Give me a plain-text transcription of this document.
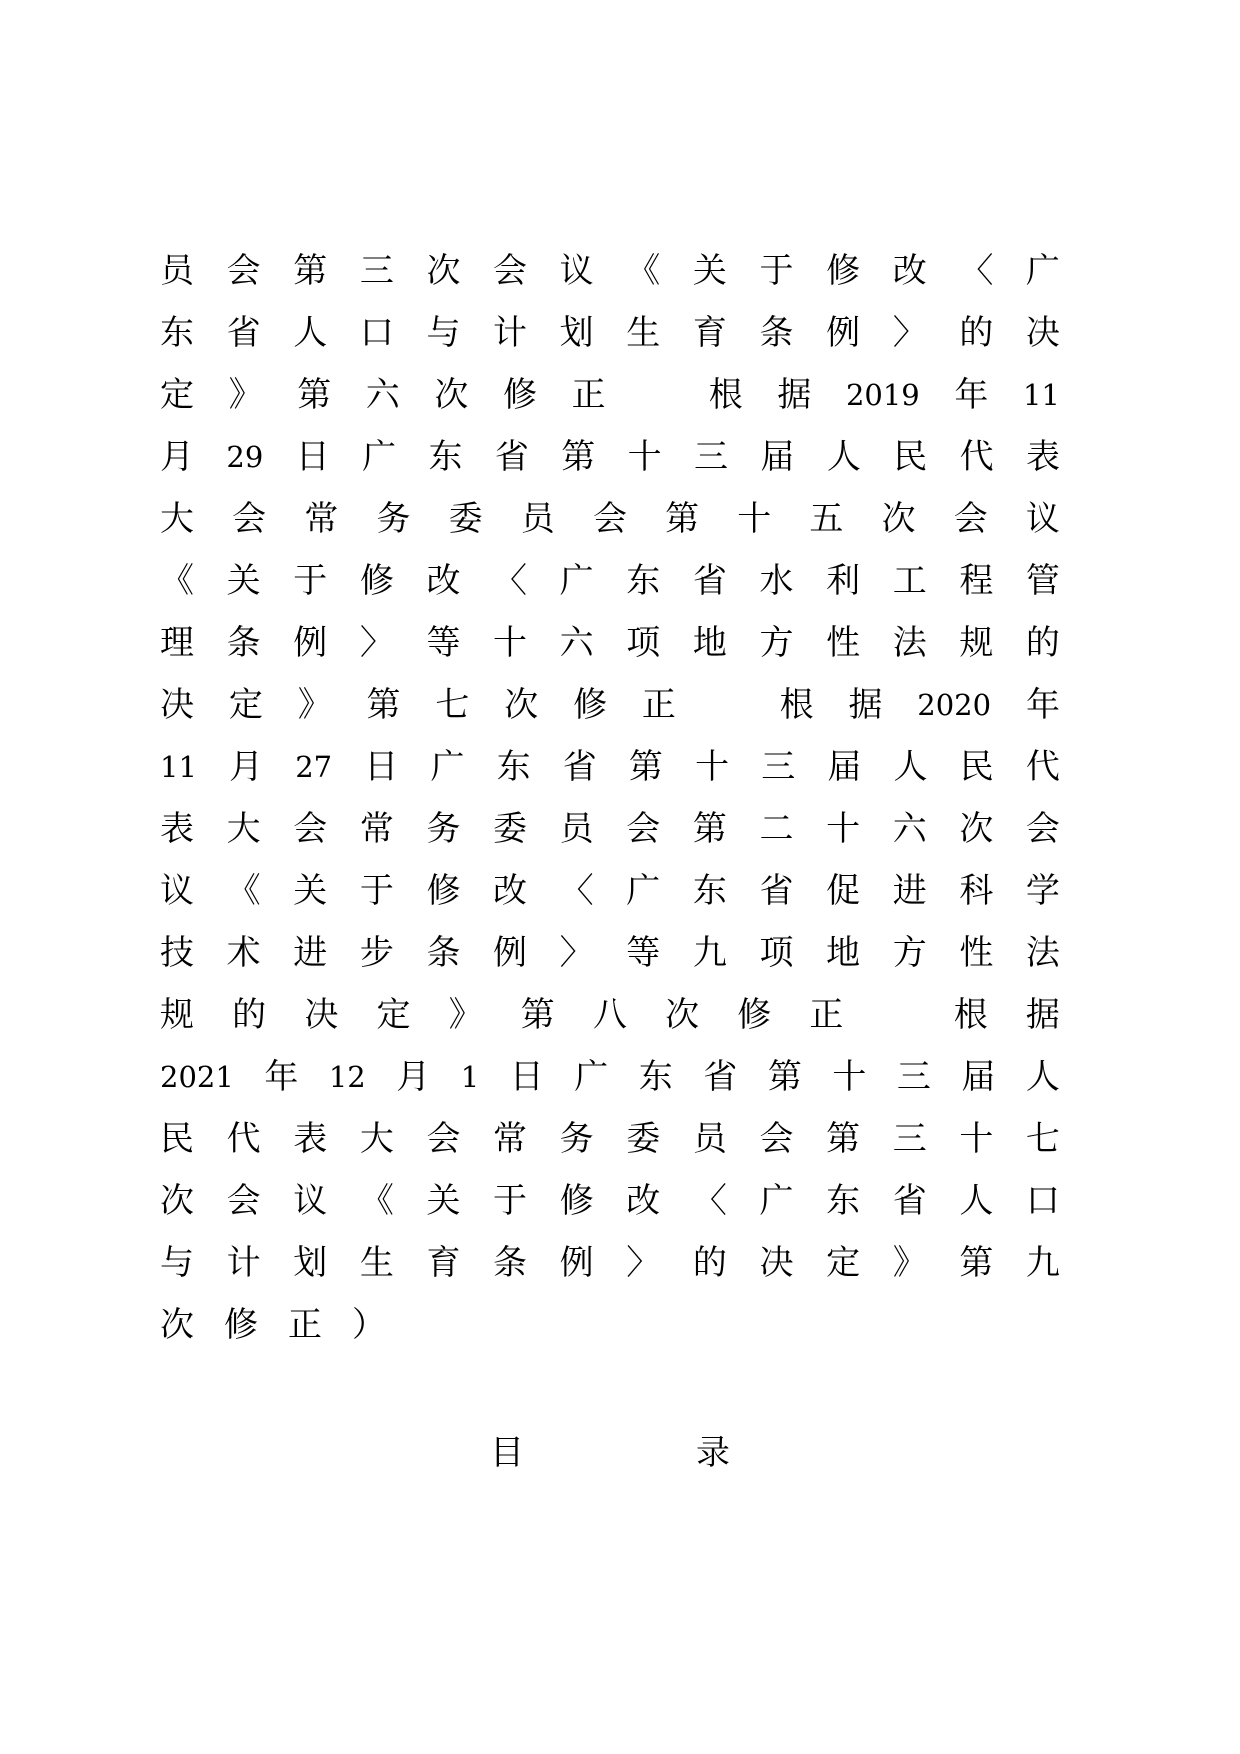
员 会 第 三 次 会 议 《 关 于 修 改 〈 广
东 省 人 口 与 计 划 生 育 条 例 〉 的 决
定 》 第 六 次 修 正	根 据 2019 年 11
月 29 日 广 东 省 第 十 三 届 人 民 代 表
大 会 常 务 委 员 会 第 十 五 次 会 议
《 关 于 修 改 〈 广 东 省 水 利 工 程 管
理 条 例 〉 等 十 六 项 地 方 性 法 规 的
决 定 》 第 七 次 修 正	根 据 2020 年
11 月 27 日 广 东 省 第 十 三 届 人 民 代
表 大 会 常 务 委 员 会 第 二 十 六 次 会
议 《 关 于 修 改 〈 广 东 省 促 进 科 学
技 术 进 步 条 例 〉 等 九 项 地 方 性 法
规 的 决 定 》 第 八 次 修 正	根 据
2021 年 12 月 1 日 广 东 省 第 十 三 届 人
民 代 表 大 会 常 务 委 员 会 第 三 十 七
次 会 议 《 关 于 修 改 〈 广 东 省 人 口
与 计 划 生 育 条 例 〉 的 决 定 》 第 九
次 修 正 ）
目	录
